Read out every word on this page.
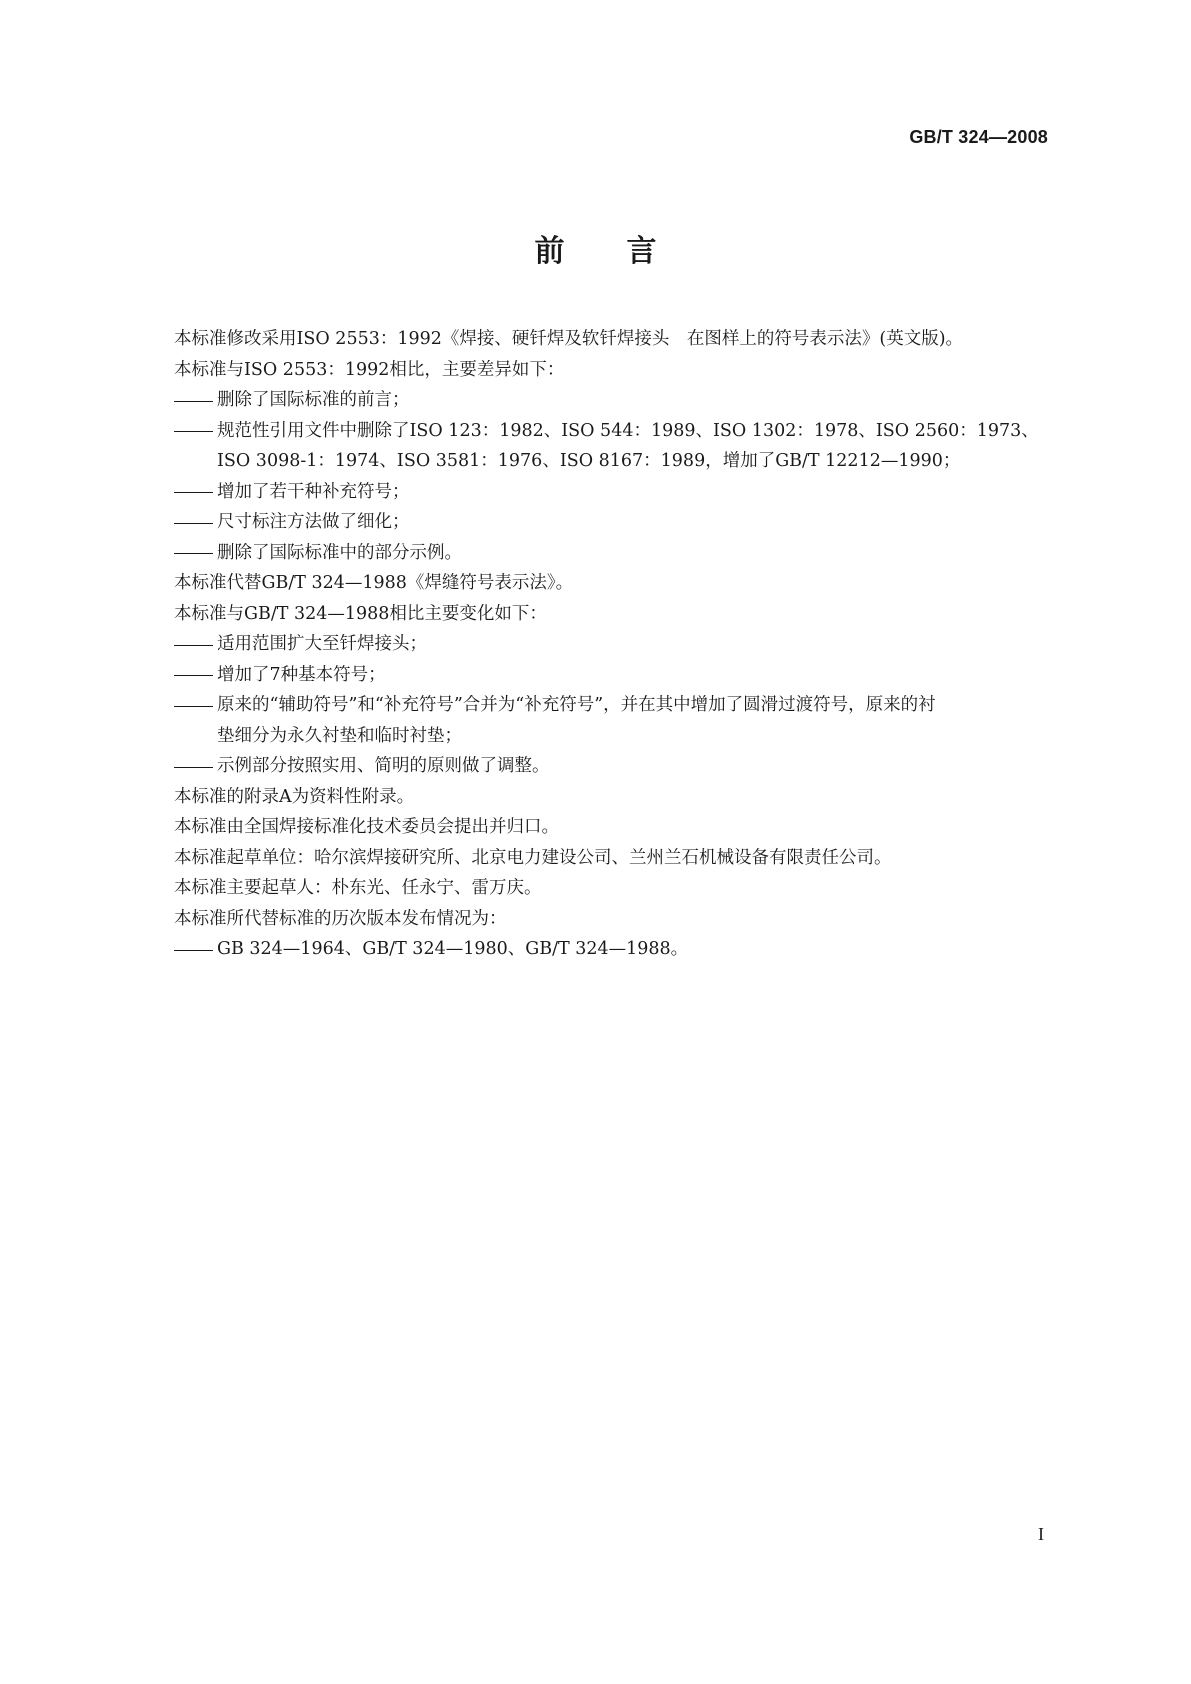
GB/T 324—2008
前言
本标准修改采用ISO 2553：1992《焊接、硬钎焊及软钎焊接头　在图样上的符号表示法》(英文版)。
本标准与ISO 2553：1992相比，主要差异如下：
删除了国际标准的前言；
规范性引用文件中删除了ISO 123：1982、ISO 544：1989、ISO 1302：1978、ISO 2560：1973、
ISO 3098-1：1974、ISO 3581：1976、ISO 8167：1989，增加了GB/T 12212—1990；
增加了若干种补充符号；
尺寸标注方法做了细化；
删除了国际标准中的部分示例。
本标准代替GB/T 324—1988《焊缝符号表示法》。
本标准与GB/T 324—1988相比主要变化如下：
适用范围扩大至钎焊接头；
增加了7种基本符号；
原来的“辅助符号”和“补充符号”合并为“补充符号”，并在其中增加了圆滑过渡符号，原来的衬
垫细分为永久衬垫和临时衬垫；
示例部分按照实用、简明的原则做了调整。
本标准的附录A为资料性附录。
本标准由全国焊接标准化技术委员会提出并归口。
本标准起草单位：哈尔滨焊接研究所、北京电力建设公司、兰州兰石机械设备有限责任公司。
本标准主要起草人：朴东光、任永宁、雷万庆。
本标准所代替标准的历次版本发布情况为：
GB 324—1964、GB/T 324—1980、GB/T 324—1988。
I
